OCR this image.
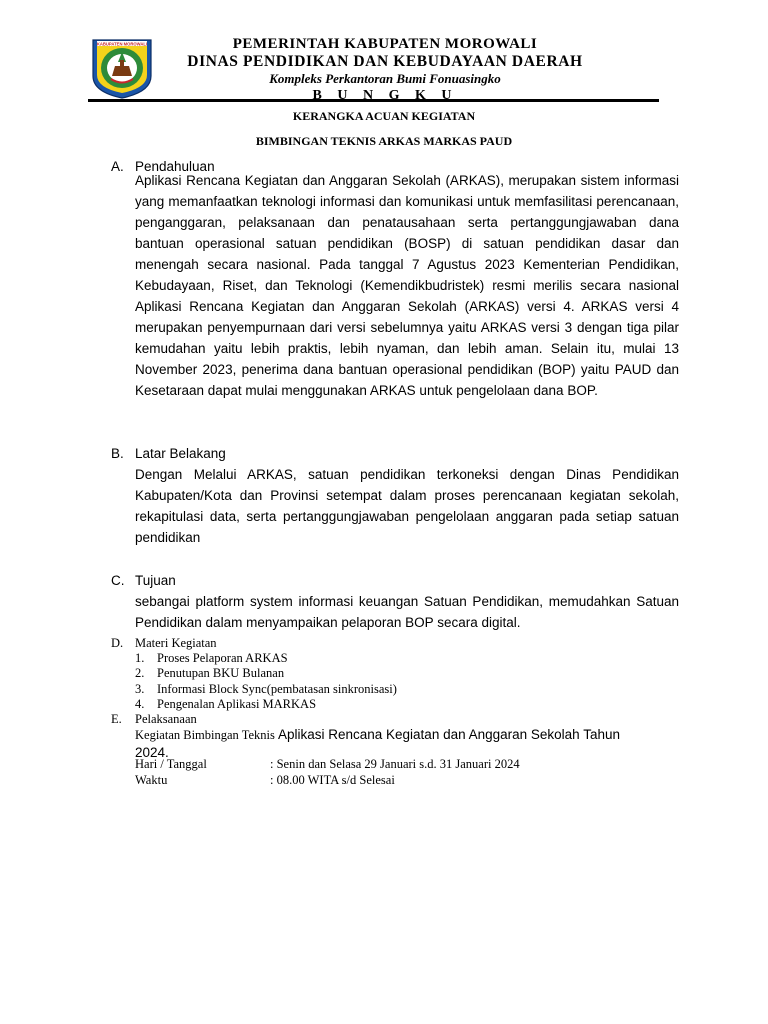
KABUPATEN MOROWALI	PEMERINTAH KABUPATEN MOROWALI
DINAS PENDIDIKAN DAN KEBUDAYAAN DAERAH
Kompleks Perkantoran Bumi Fonuasingko
B U N G K U
KERANGKA ACUAN KEGIATAN
BIMBINGAN TEKNIS ARKAS MARKAS PAUD
A. Pendahuluan
Aplikasi Rencana Kegiatan dan Anggaran Sekolah (ARKAS), merupakan sistem informasi yang memanfaatkan teknologi informasi dan komunikasi untuk memfasilitasi perencanaan, penganggaran, pelaksanaan dan penatausahaan serta pertanggungjawaban dana bantuan operasional satuan pendidikan (BOSP) di satuan pendidikan dasar dan menengah secara nasional. Pada tanggal 7 Agustus 2023 Kementerian Pendidikan, Kebudayaan, Riset, dan Teknologi (Kemendikbudristek) resmi merilis secara nasional Aplikasi Rencana Kegiatan dan Anggaran Sekolah (ARKAS) versi 4. ARKAS versi 4 merupakan penyempurnaan dari versi sebelumnya yaitu ARKAS versi 3 dengan tiga pilar kemudahan yaitu lebih praktis, lebih nyaman, dan lebih aman. Selain itu, mulai 13 November 2023, penerima dana bantuan operasional pendidikan (BOP) yaitu PAUD dan Kesetaraan dapat mulai menggunakan ARKAS untuk pengelolaan dana BOP.
B. Latar Belakang
Dengan Melalui ARKAS, satuan pendidikan terkoneksi dengan Dinas Pendidikan Kabupaten/Kota dan Provinsi setempat dalam proses perencanaan kegiatan sekolah, rekapitulasi data, serta pertanggungjawaban pengelolaan anggaran pada setiap satuan pendidikan
C. Tujuan
sebangai platform system informasi keuangan Satuan Pendidikan, memudahkan Satuan Pendidikan dalam menyampaikan pelaporan BOP secara digital.
D. Materi Kegiatan
1.	Proses Pelaporan ARKAS
2.	Penutupan BKU Bulanan
3.	Informasi Block Sync(pembatasan sinkronisasi)
4.	Pengenalan Aplikasi MARKAS
E. Pelaksanaan
Kegiatan Bimbingan Teknis Aplikasi Rencana Kegiatan dan Anggaran Sekolah Tahun 2024.
Hari / Tanggal	: Senin dan Selasa 29 Januari s.d. 31 Januari 2024
Waktu	: 08.00 WITA s/d Selesai
